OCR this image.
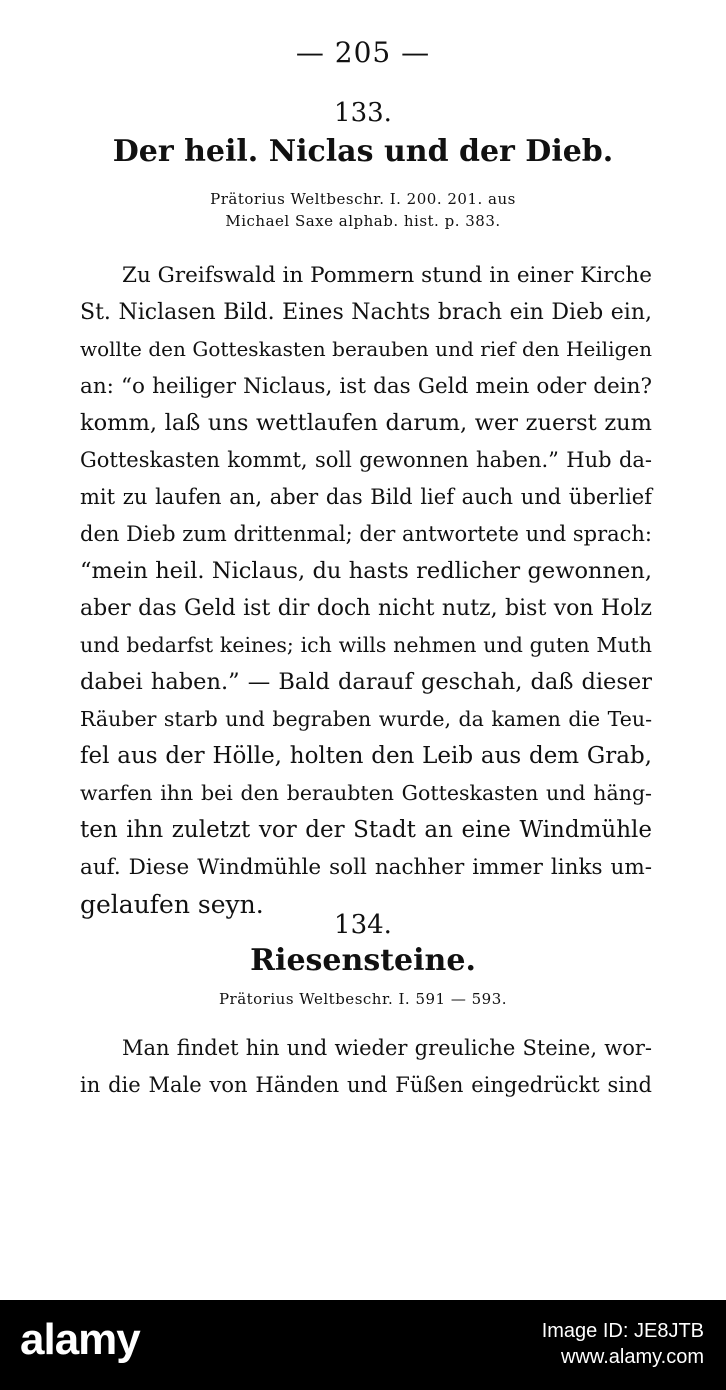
— 205 —
133.
Der heil. Niclas und der Dieb.
Prätorius Weltbeschr. I. 200. 201. aus
Michael Saxe alphab. hist. p. 383.
Zu Greifswald in Pommern stund in einer Kirche
St. Niclasen Bild. Eines Nachts brach ein Dieb ein,
wollte den Gotteskasten berauben und rief den Heiligen
an: “o heiliger Niclaus, ist das Geld mein oder dein?
komm, laß uns wettlaufen darum, wer zuerst zum
Gotteskasten kommt, soll gewonnen haben.” Hub da-
mit zu laufen an, aber das Bild lief auch und überlief
den Dieb zum drittenmal; der antwortete und sprach:
“mein heil. Niclaus, du hasts redlicher gewonnen,
aber das Geld ist dir doch nicht nutz, bist von Holz
und bedarfst keines; ich wills nehmen und guten Muth
dabei haben.” — Bald darauf geschah, daß dieser
Räuber starb und begraben wurde, da kamen die Teu-
fel aus der Hölle, holten den Leib aus dem Grab,
warfen ihn bei den beraubten Gotteskasten und häng-
ten ihn zuletzt vor der Stadt an eine Windmühle
auf. Diese Windmühle soll nachher immer links um-
gelaufen seyn.
134.
Riesensteine.
Prätorius Weltbeschr. I. 591 — 593.
Man findet hin und wieder greuliche Steine, wor-
in die Male von Händen und Füßen eingedrückt sind
alamy	Image ID: JE8JTB
www.alamy.com
